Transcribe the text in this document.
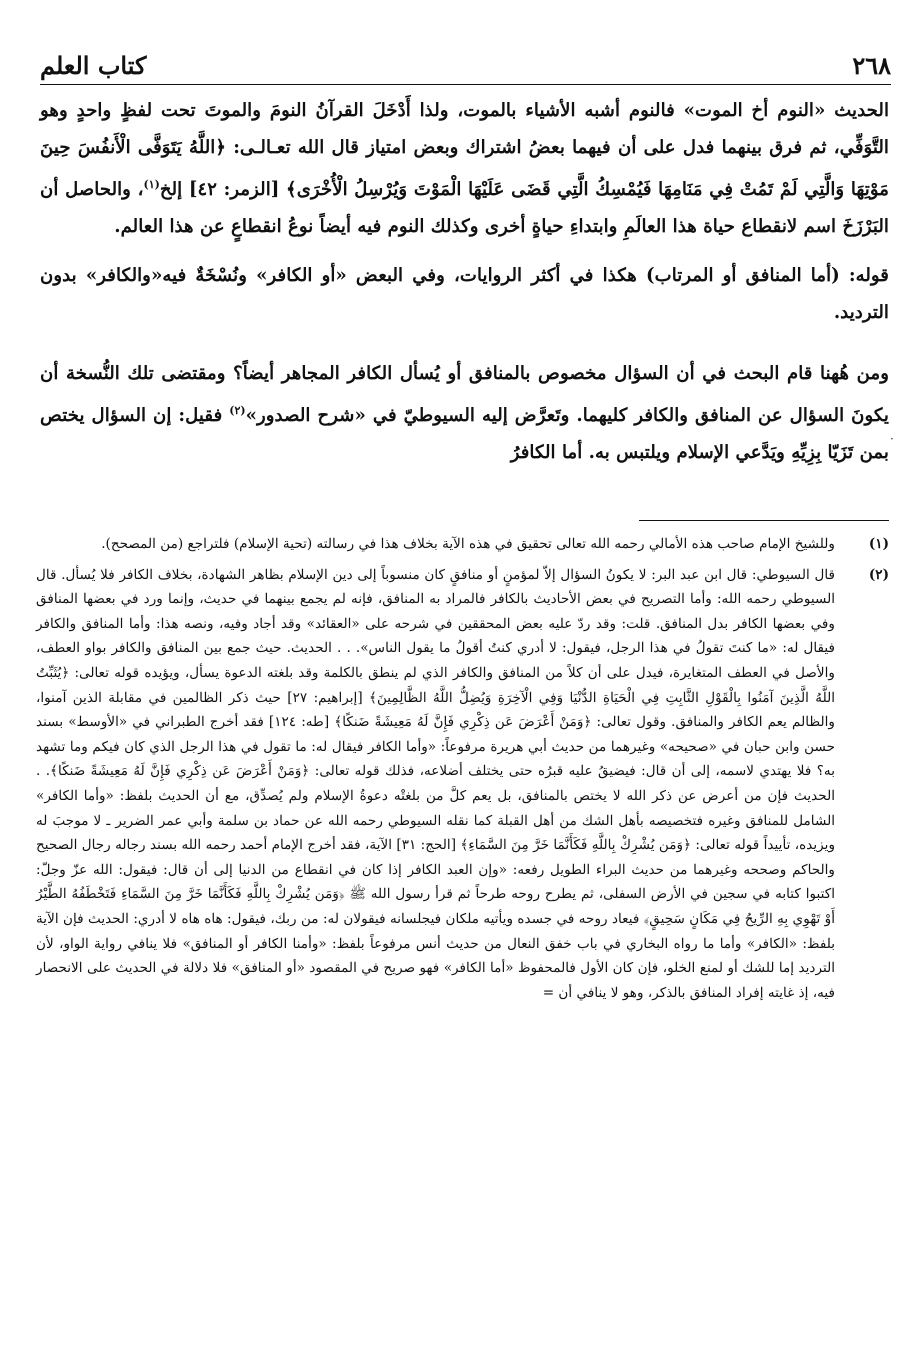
كتاب العلم	٢٦٨

الحديث «النوم أخ الموت» فالنوم أشبه الأشياء بالموت، ولذا أَدْخَلَ القرآنُ النومَ والموتَ تحت لفظٍ واحدٍ وهو التَّوَفِّي، ثم فرق بينهما فدل على أن فيهما بعضُ اشتراك وبعض امتياز قال الله تعـالـى: ﴿اللَّهُ يَتَوَفَّى الْأَنفُسَ حِينَ مَوْتِهَا وَالَّتِي لَمْ تَمُتْ فِي مَنَامِهَا فَيُمْسِكُ الَّتِي قَضَى عَلَيْهَا الْمَوْتَ وَيُرْسِلُ الْأُخْرَى﴾ [الزمر: ٤٢] إلخ$^{(١)}$، والحاصل أن البَرْزَخَ اسم لانقطاع حياة هذا العالَمِ وابتداءِ حياةٍ أخرى وكذلك النوم فيه أيضاً نوعُ انقطاعٍ عن هذا العالم.

قوله: (أما المنافق أو المرتاب) هكذا في أكثر الروايات، وفي البعض «أو الكافر» ونُسْخَةٌ فيه«والكافر» بدون الترديد.

ومن هُهنا قام البحث في أن السؤال مخصوص بالمنافق أو يُسأل الكافر المجاهر أيضاً؟ ومقتضى تلك النُّسخة أن يكونَ السؤال عن المنافق والكافر كليهما. وتَعرَّض إليه السيوطيّ في «شرح الصدور»$^{(٢)}$ فقيل: إن السؤال يختص بمن تَزَيّا بِزِيِّهِ ويَدَّعي الإسلام ويلتبس به. أما الكافرُ

·
(١)
وللشيخ الإمام صاحب هذه الأمالي رحمه الله تعالى تحقيق في هذه الآية بخلاف هذا في رسالته (تحية الإسلام) فلتراجع (من المصحح).
(٢)
قال السيوطي: قال ابن عبد البر: لا يكونُ السؤال إلاّ لمؤمنٍ أو منافقٍ كان منسوباً إلى دين الإسلام بظاهر الشهادة، بخلاف الكافر فلا يُسأل. قال السيوطي رحمه الله: وأما التصريح في بعض الأحاديث بالكافر فالمراد به المنافق، فإنه لم يجمع بينهما في حديث، وإنما ورد في بعضها المنافق وفي بعضها الكافر بدل المنافق. قلت: وقد ردّ عليه بعض المحققين في شرحه على «العقائد» وقد أجاد وفيه، ونصه هذا: وأما المنافق والكافر فيقال له: «ما كنتَ تقولُ في هذا الرجل، فيقول: لا أدري كنتُ أقولُ ما يقول الناس». . . الحديث. حيث جمع بين المنافق والكافر بواو العطف، والأصل في العطف المتغايرة، فيدل على أن كلاً من المنافق والكافر الذي لم ينطق بالكلمة وقد بلغته الدعوة يسأل، ويؤيده قوله تعالى: ﴿يُثَبِّتُ اللَّهُ الَّذِينَ آمَنُوا بِالْقَوْلِ الثَّابِتِ فِي الْحَيَاةِ الدُّنْيَا وَفِي الْآخِرَةِ وَيُضِلُّ اللَّهُ الظَّالِمِينَ﴾ [إبراهيم: ٢٧] حيث ذكر الظالمين في مقابلة الذين آمنوا، والظالم يعم الكافر والمنافق. وقول تعالى: ﴿وَمَنْ أَعْرَضَ عَن ذِكْرِي فَإِنَّ لَهُ مَعِيشَةً ضَنكًا﴾ [طه: ١٢٤] فقد أخرج الطبراني في «الأوسط» بسند حسن وابن حبان في «صحيحه» وغيرهما من حديث أبي هريرة مرفوعاً: «وأما الكافر فيقال له: ما تقول في هذا الرجل الذي كان فيكم وما تشهد به؟ فلا يهتدي لاسمه، إلى أن قال: فيضيقُ عليه قبرُه حتى يختلف أضلاعه، فذلك قوله تعالى: ﴿وَمَنْ أَعْرَضَ عَن ذِكْرِي فَإِنَّ لَهُ مَعِيشَةً ضَنكًا﴾. . الحديث فإن من أعرض عن ذكر الله لا يختص بالمنافق، بل يعم كلَّ من بلغتْه دعوةُ الإسلام ولم يُصدِّق، مع أن الحديث بلفظ: «وأما الكافر» الشامل للمنافق وغيره فتخصيصه بأهل الشك من أهل القبلة كما نقله السيوطي رحمه الله عن حماد بن سلمة وأبي عمر الضرير ـ لا موجبَ له ويزيده، تأييداً قوله تعالى: ﴿وَمَن يُشْرِكْ بِاللَّهِ فَكَأَنَّمَا خَرَّ مِنَ السَّمَاءِ﴾ [الحج: ٣١] الآية، فقد أخرج الإمام أحمد رحمه الله بسند رجاله رجال الصحيح والحاكم وصححه وغيرهما من حديث البراء الطويل رفعه: «وإن العبد الكافر إذا كان في انقطاع من الدنيا إلى أن قال: فيقول: الله عزّ وجلّ: اكتبوا كتابه في سجين في الأرض السفلى، ثم يطرح روحه طرحاً ثم قرأ رسول الله ﷺ ﴿وَمَن يُشْرِكْ بِاللَّهِ فَكَأَنَّمَا خَرَّ مِنَ السَّمَاءِ فَتَخْطَفُهُ الطَّيْرُ أَوْ تَهْوِي بِهِ الرِّيحُ فِي مَكَانٍ سَحِيقٍ﴾ فيعاد روحه في جسده ويأتيه ملكان فيجلسانه فيقولان له: من ربك، فيقول: هاه هاه لا أدري: الحديث فإن الآية بلفظ: «الكافر» وأما ما رواه البخاري في باب خفق النعال من حديث أنس مرفوعاً بلفظ: «وأمنا الكافر أو المنافق» فلا ينافي رواية الواو، لأن الترديد إما للشك أو لمنع الخلو، فإن كان الأول فالمحفوظ «أما الكافر» فهو صريح في المقصود «أو المنافق» فلا دلالة في الحديث على الانحصار فيه، إذ غايته إفراد المنافق بالذكر، وهو لا ينافي أن =
